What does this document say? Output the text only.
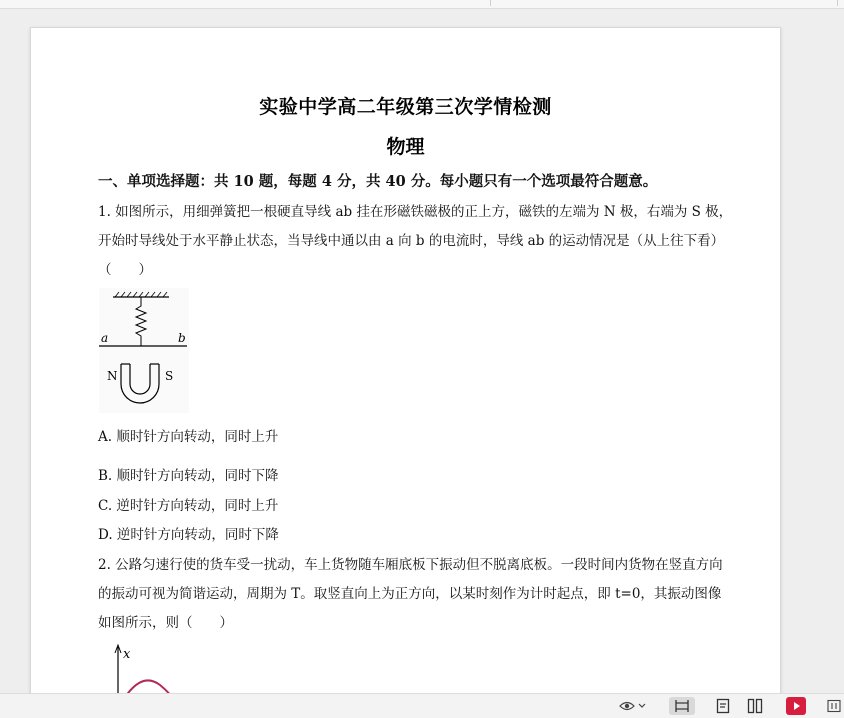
实验中学高二年级第三次学情检测
物理
一、单项选择题：共 10 题，每题 4 分，共 40 分。每小题只有一个选项最符合题意。
1. 如图所示，用细弹簧把一根硬直导线 ab 挂在形磁铁磁极的正上方，磁铁的左端为 N 极，右端为 S 极，
开始时导线处于水平静止状态，当导线中通以由 a 向 b 的电流时，导线 ab 的运动情况是（从上往下看）
（　　）
a	b
N	S
A. 顺时针方向转动，同时上升
B. 顺时针方向转动，同时下降
C. 逆时针方向转动，同时上升
D. 逆时针方向转动，同时下降
2. 公路匀速行使的货车受一扰动，车上货物随车厢底板下振动但不脱离底板。一段时间内货物在竖直方向
的振动可视为简谐运动，周期为 T。取竖直向上为正方向，以某时刻作为计时起点，即 t=0，其振动图像
如图所示，则（　　）
x
